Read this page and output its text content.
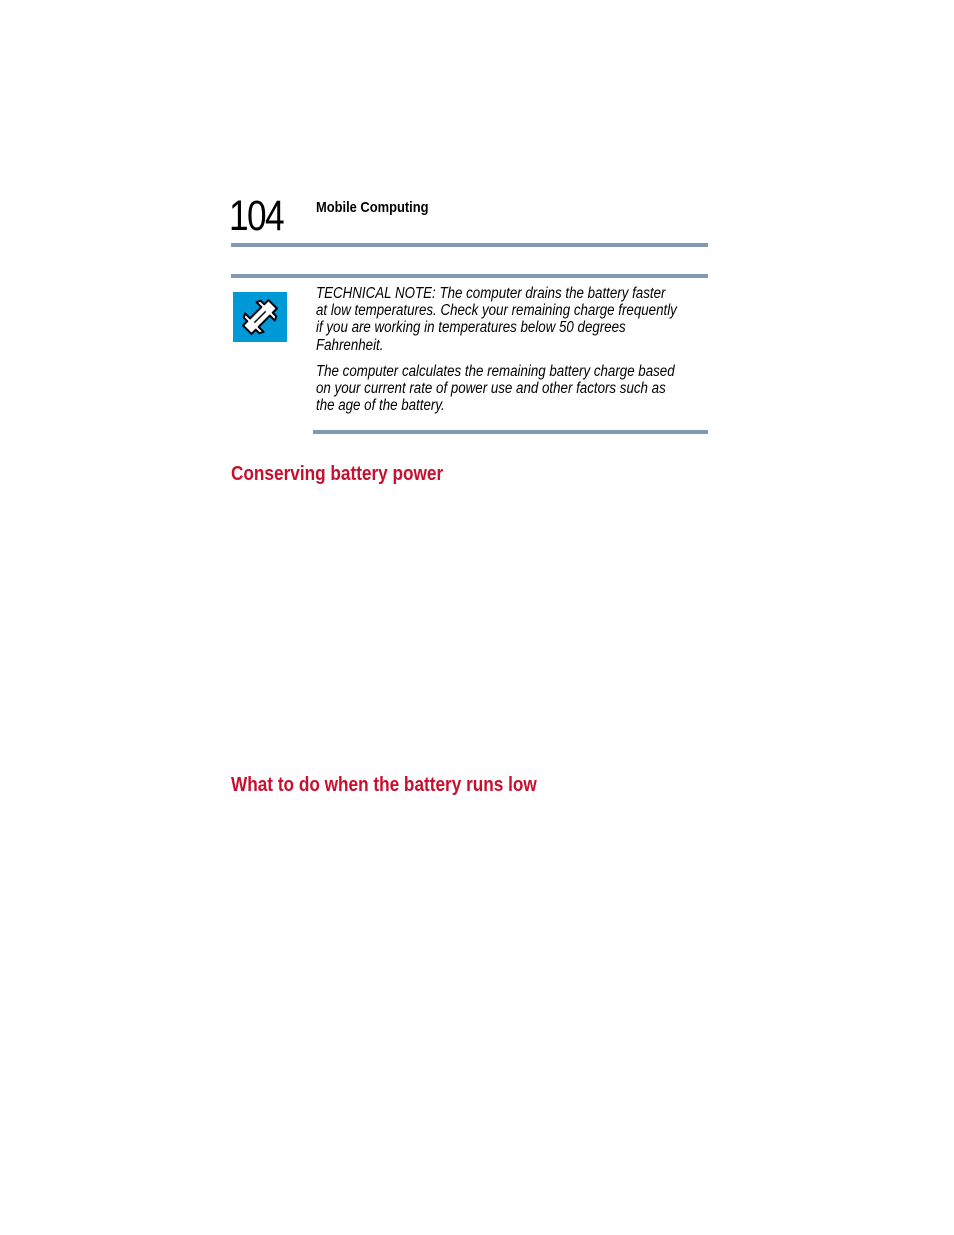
104 Mobile Computing

TECHNICAL NOTE: The computer drains the battery faster at low temperatures. Check your remaining charge frequently if you are working in temperatures below 50 degrees Fahrenheit.

The computer calculates the remaining battery charge based on your current rate of power use and other factors such as the age of the battery.

Conserving battery power
What to do when the battery runs low
